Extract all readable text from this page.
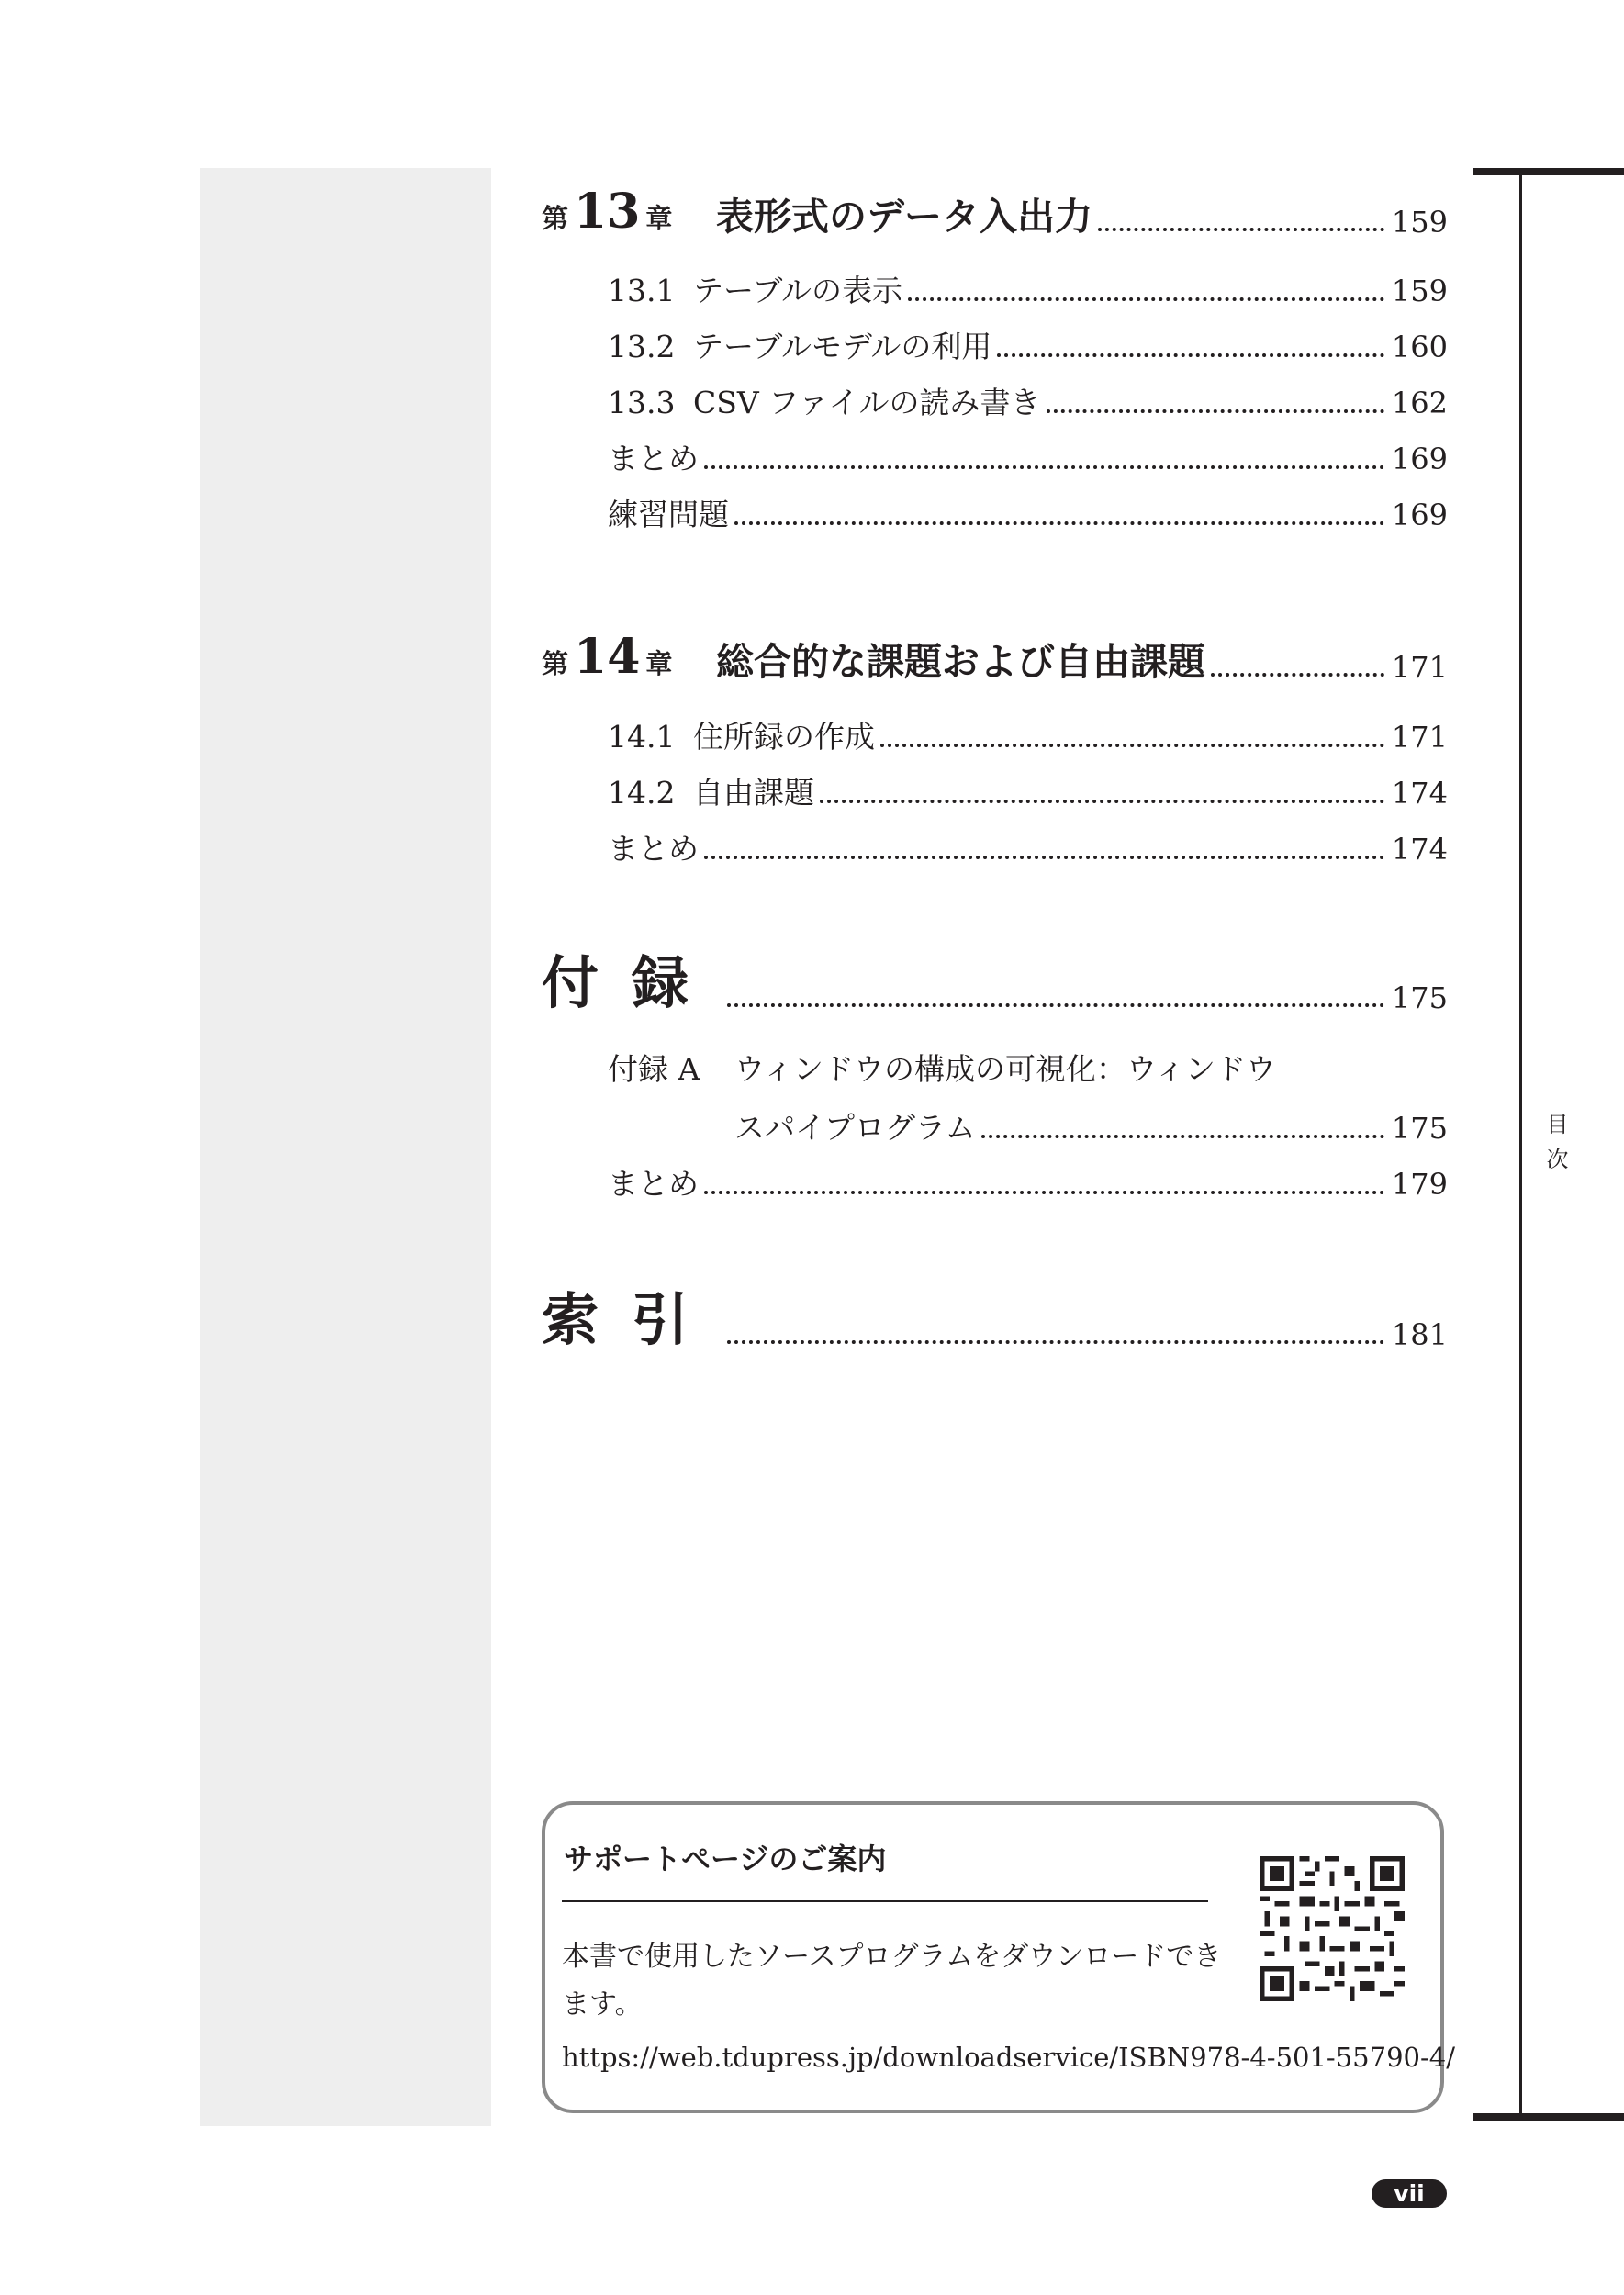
目次
第 13 章 表形式のデータ入出力	159
13.1 テーブルの表示	159
13.2 テーブルモデルの利用	160
13.3 CSV ファイルの読み書き	162
まとめ	169
練習問題	169
第 14 章 総合的な課題および自由課題	171
14.1 住所録の作成	171
14.2 自由課題	174
まとめ	174
付録	175
付録 A ウィンドウの構成の可視化：ウィンドウ
スパイプログラム	175
まとめ	179
索引	181
サポートページのご案内
本書で使用したソースプログラムをダウンロードできます。
https://web.tdupress.jp/downloadservice/ISBN978-4-501-55790-4/
vii
